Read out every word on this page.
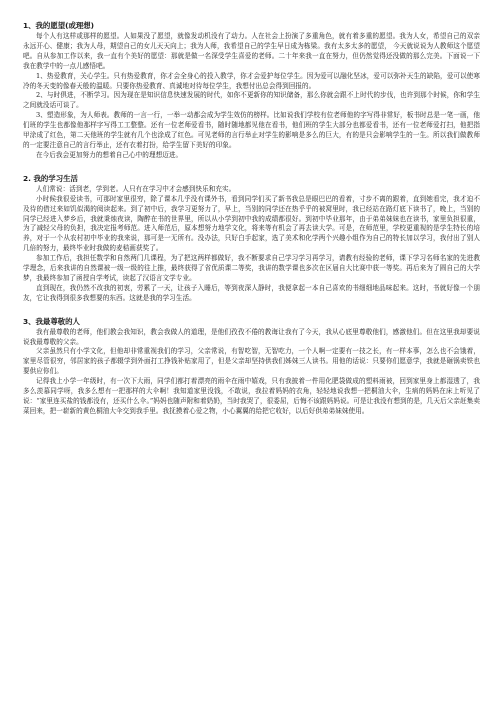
1、我的愿望(或理想)

每个人有这样或那样的愿望。人如果没了愿望，就像发动机没有了动力。人在社会上扮演了多重角色，就有着多重的愿望。我为人女，希望自己的双亲永远开心、健康；我为人母，期望自己的女儿天天向上；我为人师，我希望自己的学生早日成为栋梁。我有太多太多的愿望， 今天就说说为人教师这个愿望吧。自从参加工作以来，我一直有个美好的愿望：那就是做一名深受学生喜爱的老师。二十年来我一直在努力，但仍然觉得还没做的那么完美。下面说一下我在教学中的一点儿感悟吧。

1、热爱教育，关心学生。只有热爱教育，你才会全身心的投入教学，你才会爱护每位学生。因为爱可以融化坚冰，爱可以弥补天生的缺陷，爱可以使寒冷的冬天变的像春天般的温暖。只要你热爱教育、真诚地对待每位学生，我想付出总会得到回报的。

2、与时俱进，不断学习。因为现在是知识信息快速发展的时代，如你不更新你的知识储备，那么你就会跟不上时代的步伐，也许到那个时候，你和学生之间就没话可谈了。

3、塑造形象，为人师表。教师的一言一行，一举一动都会成为学生效仿的榜样。比如说我们学校有位老师他的字写得非常好，板书时总是一笔一画，他们班的学生也都像他那样字写得工工整整。还有一位老师爱看书，随时随地都见他在看书，他们班的学生大部分也都爱看书，还有一位老师爱打扫，他把指甲涂成了红色，第二天他班的学生就有几个也涂成了红色。可见老师的言行举止对学生的影响是多么的巨大，有的是只会影响学生的一生。所以我们做教师的一定要注意自己的言行举止，还有衣着打扮，给学生留下美好的印象。

在今后我会更加努力的想着自己心中的理想迈进。

2. 我的学习生活

人们常说：活到老，学到老。人只有在学习中才会感到快乐和充实。

小时候我很爱读书，可那时家里很穷，除了课本几乎没有课外书，看到同学们买了新书我总是眼巴巴的看着，寸步不离的跟着，直到她看完，我才迫不及待的借过来如饥似渴的阅读起来。到了初中后，我学习更努力了，早上，当别的同学还在热乎乎的被窝里时，我已经站在路灯底下读书了，晚上，当别的同学已经进入梦乡后，我就秉烛夜读，陶醉在书的世界里，所以从小学到初中我的成绩都很好。到初中毕业那年，由于弟弟妹妹也在读书，家里负担很重，为了减轻父母的负担，我决定报考师范。进入师范后，原本想努力地学文化，将来等有机会了再去读大学。可是，在师范里，学校更重视的是学生特长的培养，对于一个从农村初中毕业的我来说，那可是一无所有。没办法，只好白手起家，选了美术和化学两个兴趣小组作为自己的特长加以学习，我付出了别人几倍的努力，最终毕业时我做的麦秸画获奖了。

参加工作后，我担任数学和自然两门几课程，为了把这两样都做好，我不断要求自己学习学习再学习，请教有经验的老师，课下学习名师名家的先进教学理念，后来我讲的自然课被一级一级的往上推，最终获得了省优质课二等奖，我讲的数学课也多次在区届自大比赛中获一等奖。再后来为了圆自己的大学梦，我最终参加了函授自学考试，读起了汉语言文学专业。

直到现在，我仍然不改我的初衷，劳累了一天，让孩子入睡后，等到夜深人静时，我便拿起一本自己喜欢的书细细地品味起来。这时，书就好像一个朋友，它让我得到很多我想要的东西。这就是我的学习生活。

3、我最尊敬的人

我有最尊敬的老师，他们教会我知识，教会我做人的道理，是他们孜孜不倦的教诲让我有了今天，我从心底里尊敬他们，感激他们。但在这里我却要说说我最尊敬的父亲。

父亲虽然只有小学文化，但他却非常重视我们的学习，父亲常说，有智吃智，无智吃力，一个人啊一定要有一技之长，有一样本事，怎么也不会饿着，家里尽管很穷，邻居家的孩子都辍学到外面打工挣钱补贴家用了，但是父亲却坚持供我们姊妹三人读书。用他的话说：只要你们愿意学，我就是砸锅卖铁也要供应你们。

记得我上小学一年级时，有一次下大雨，同学们都打着漂亮的雨伞在雨中嬉戏，只有我披着一件用化肥袋做成的塑料雨被，回到家里身上都湿透了，我多么羡慕同学呀，我多么想有一把那样的大伞啊！我知道家里没钱，不敢说，我拉着妈妈的衣角，轻轻地说我想一把桐油大伞，生病的妈妈在床上听见了说：“家里连买盐的钱都没有，还买什么伞。”妈妈也随声附和着奶奶，当时我哭了，很委屈，后悔不该跟妈妈说。可是让我没有想到的是，几天后父亲赶集卖菜回来，把一崭新的黄色桐油大伞交到我手里。我抚摸着心爱之物，小心翼翼的给把它收好，以后好供弟弟妹妹使用。
